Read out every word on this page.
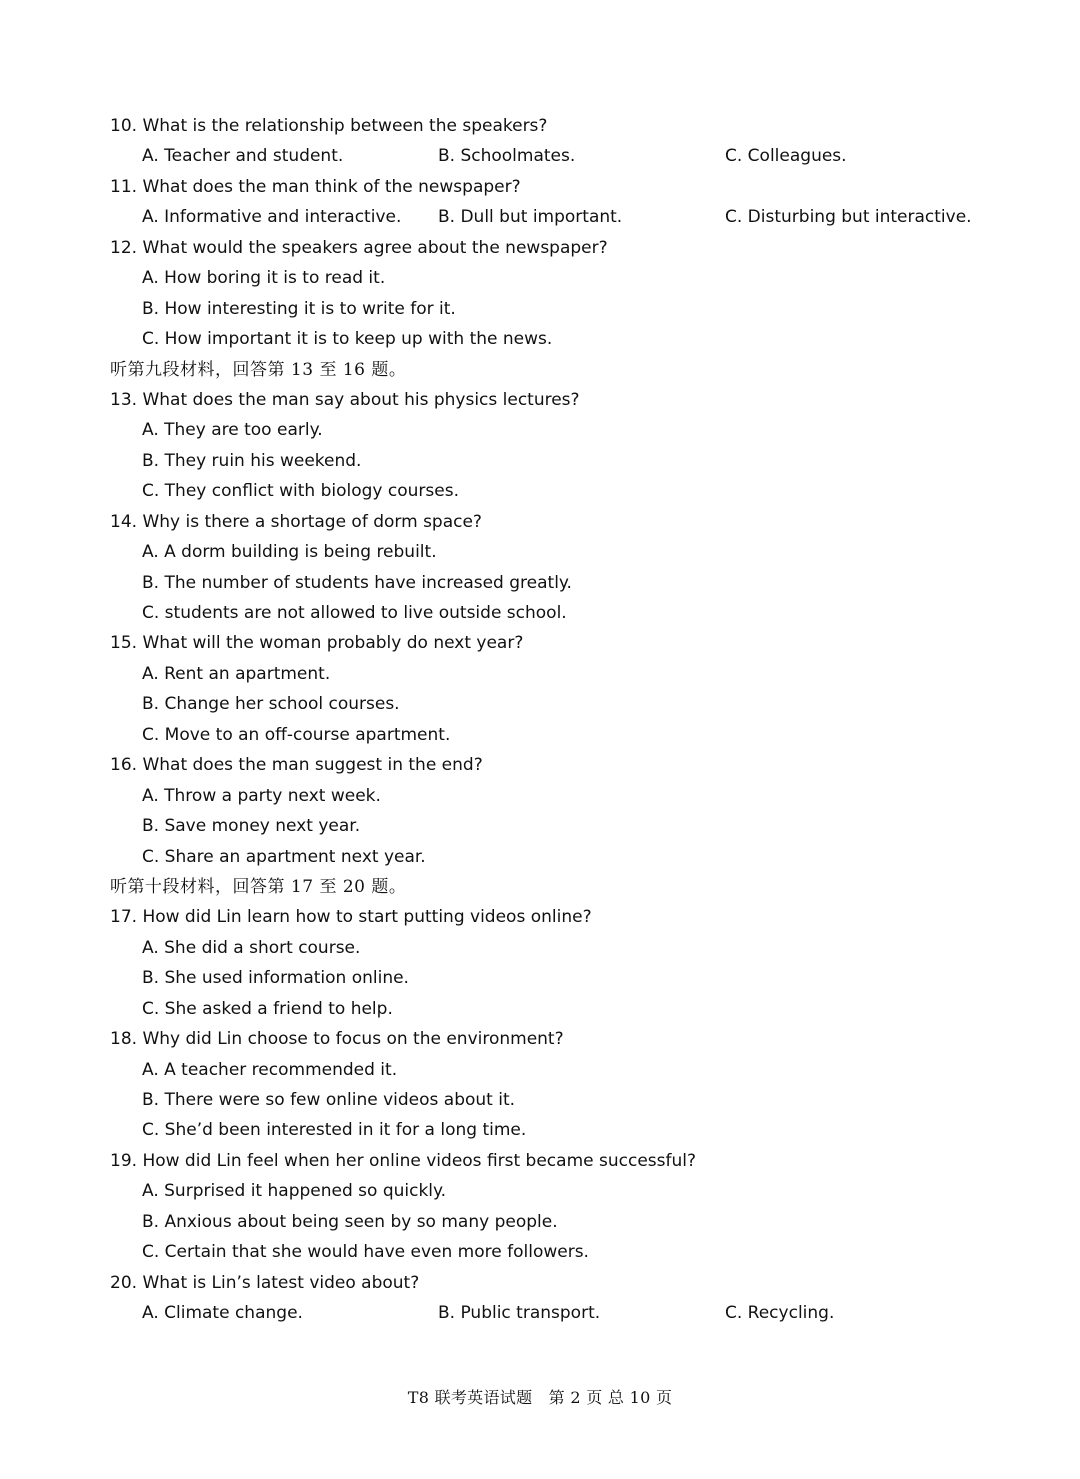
10. What is the relationship between the speakers?
A. Teacher and student.	B. Schoolmates.	C. Colleagues.
11. What does the man think of the newspaper?
A. Informative and interactive. B. Dull but important.	C. Disturbing but interactive.
12. What would the speakers agree about the newspaper?
A. How boring it is to read it.
B. How interesting it is to write for it.
C. How important it is to keep up with the news.
听第九段材料，回答第 13 至 16 题。
13. What does the man say about his physics lectures?
A. They are too early.
B. They ruin his weekend.
C. They conflict with biology courses.
14. Why is there a shortage of dorm space?
A. A dorm building is being rebuilt.
B. The number of students have increased greatly.
C. students are not allowed to live outside school.
15. What will the woman probably do next year?
A. Rent an apartment.
B. Change her school courses.
C. Move to an off-course apartment.
16. What does the man suggest in the end?
A. Throw a party next week.
B. Save money next year.
C. Share an apartment next year.
听第十段材料，回答第 17 至 20 题。
17. How did Lin learn how to start putting videos online?
A. She did a short course.
B. She used information online.
C. She asked a friend to help.
18. Why did Lin choose to focus on the environment?
A. A teacher recommended it.
B. There were so few online videos about it.
C. She’d been interested in it for a long time.
19. How did Lin feel when her online videos first became successful?
A. Surprised it happened so quickly.
B. Anxious about being seen by so many people.
C. Certain that she would have even more followers.
20. What is Lin’s latest video about?
A. Climate change.	B. Public transport.	C. Recycling.
T8 联考英语试题　第 2 页 总 10 页
